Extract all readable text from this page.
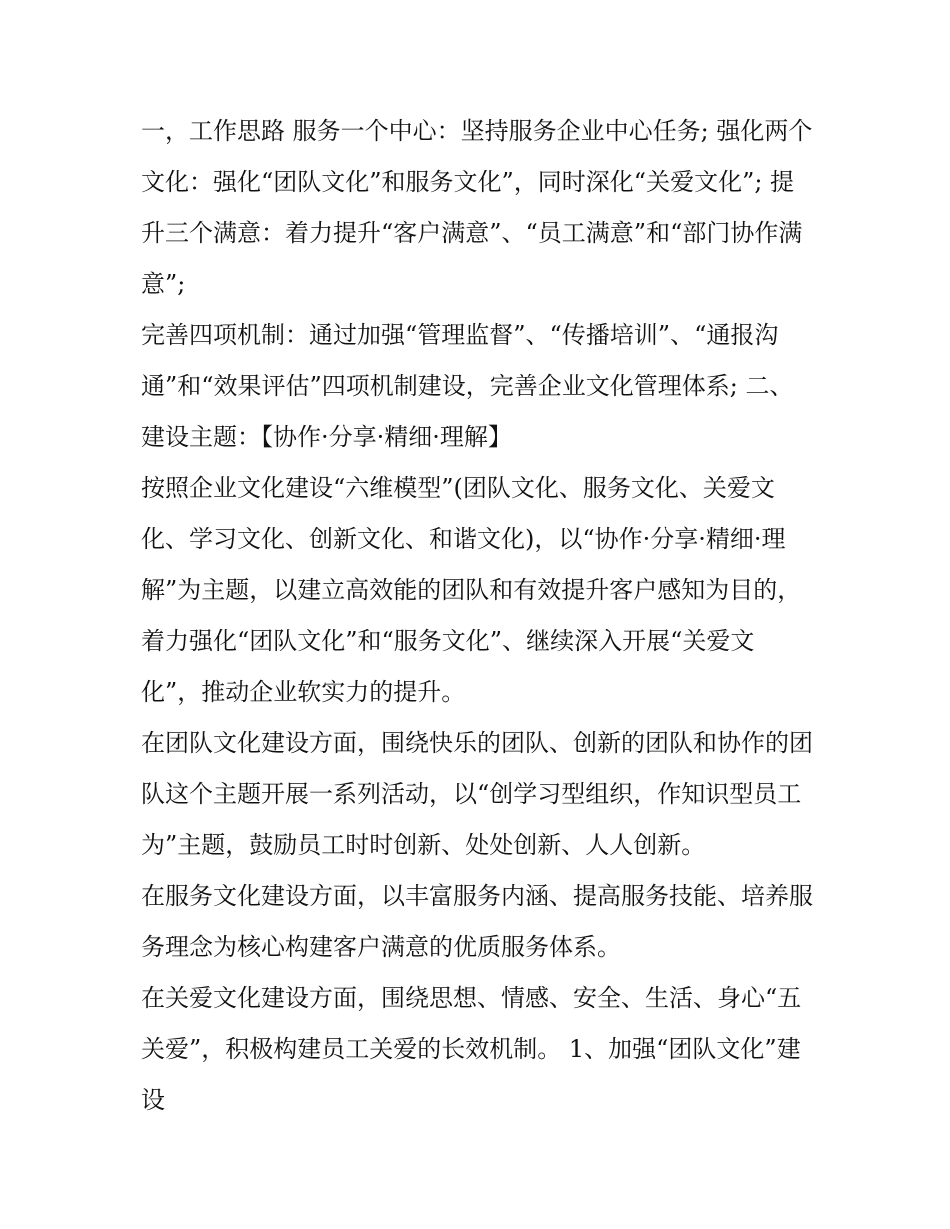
一，工作思路 服务一个中心：坚持服务企业中心任务; 强化两个文化：强化“团队文化”和服务文化”，同时深化“关爱文化”; 提升三个满意：着力提升“客户满意”、“员工满意”和“部门协作满意”;

完善四项机制：通过加强“管理监督”、“传播培训”、“通报沟通”和“效果评估”四项机制建设，完善企业文化管理体系; 二、建设主题：【协作·分享·精细·理解】

按照企业文化建设“六维模型”(团队文化、服务文化、关爱文化、学习文化、创新文化、和谐文化)，以“协作·分享·精细·理解”为主题，以建立高效能的团队和有效提升客户感知为目的，着力强化“团队文化”和“服务文化”、继续深入开展“关爱文化”，推动企业软实力的提升。

在团队文化建设方面，围绕快乐的团队、创新的团队和协作的团队这个主题开展一系列活动，以“创学习型组织，作知识型员工为”主题，鼓励员工时时创新、处处创新、人人创新。

在服务文化建设方面，以丰富服务内涵、提高服务技能、培养服务理念为核心构建客户满意的优质服务体系。

在关爱文化建设方面，围绕思想、情感、安全、生活、身心“五关爱”，积极构建员工关爱的长效机制。 1、加强“团队文化”建设
